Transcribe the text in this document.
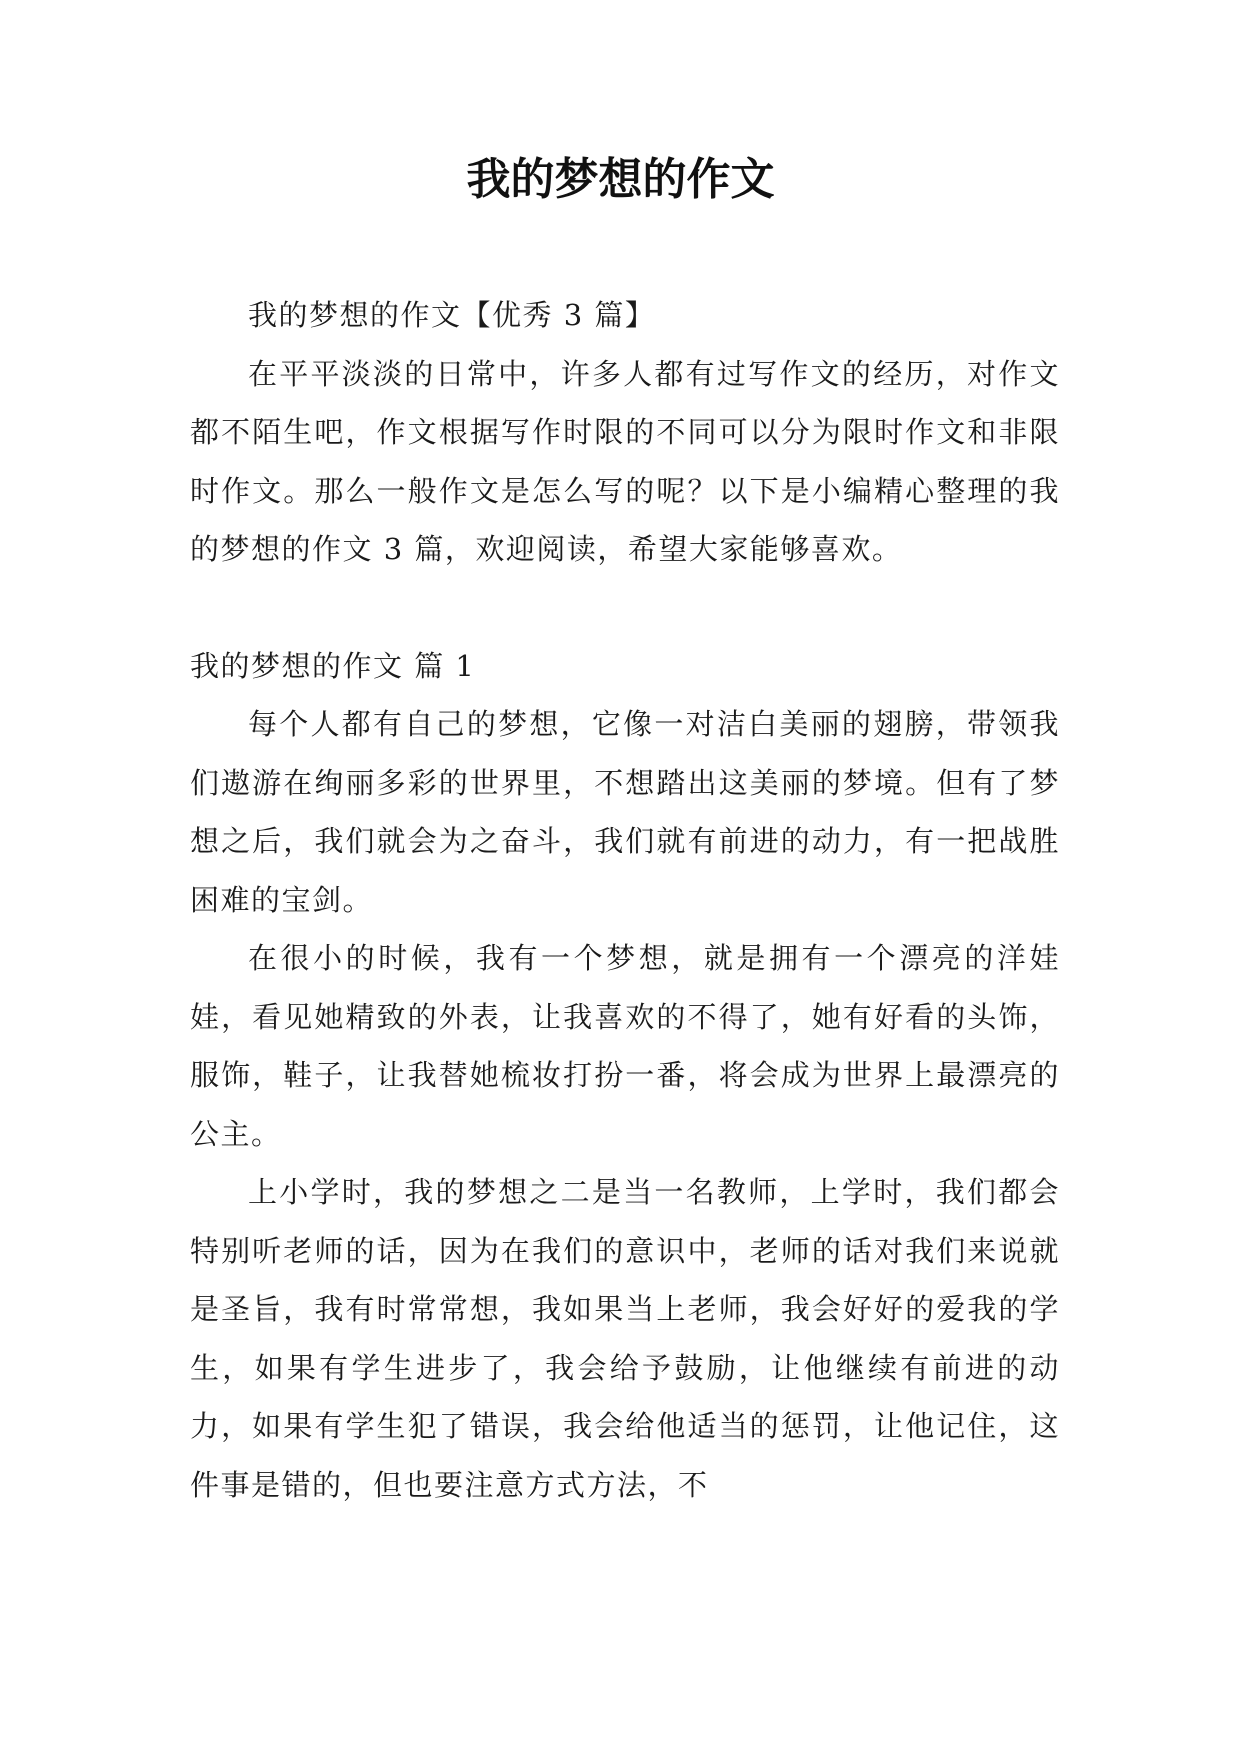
我的梦想的作文

我的梦想的作文【优秀 3 篇】

在平平淡淡的日常中，许多人都有过写作文的经历，对作文都不陌生吧，作文根据写作时限的不同可以分为限时作文和非限时作文。那么一般作文是怎么写的呢？以下是小编精心整理的我的梦想的作文 3 篇，欢迎阅读，希望大家能够喜欢。

我的梦想的作文 篇 1

每个人都有自己的梦想，它像一对洁白美丽的翅膀，带领我们遨游在绚丽多彩的世界里，不想踏出这美丽的梦境。但有了梦想之后，我们就会为之奋斗，我们就有前进的动力，有一把战胜困难的宝剑。

在很小的时候，我有一个梦想，就是拥有一个漂亮的洋娃娃，看见她精致的外表，让我喜欢的不得了，她有好看的头饰，服饰，鞋子，让我替她梳妆打扮一番，将会成为世界上最漂亮的公主。

上小学时，我的梦想之二是当一名教师，上学时，我们都会特别听老师的话，因为在我们的意识中，老师的话对我们来说就是圣旨，我有时常常想，我如果当上老师，我会好好的爱我的学生，如果有学生进步了，我会给予鼓励，让他继续有前进的动力，如果有学生犯了错误，我会给他适当的惩罚，让他记住，这件事是错的，但也要注意方式方法，不
